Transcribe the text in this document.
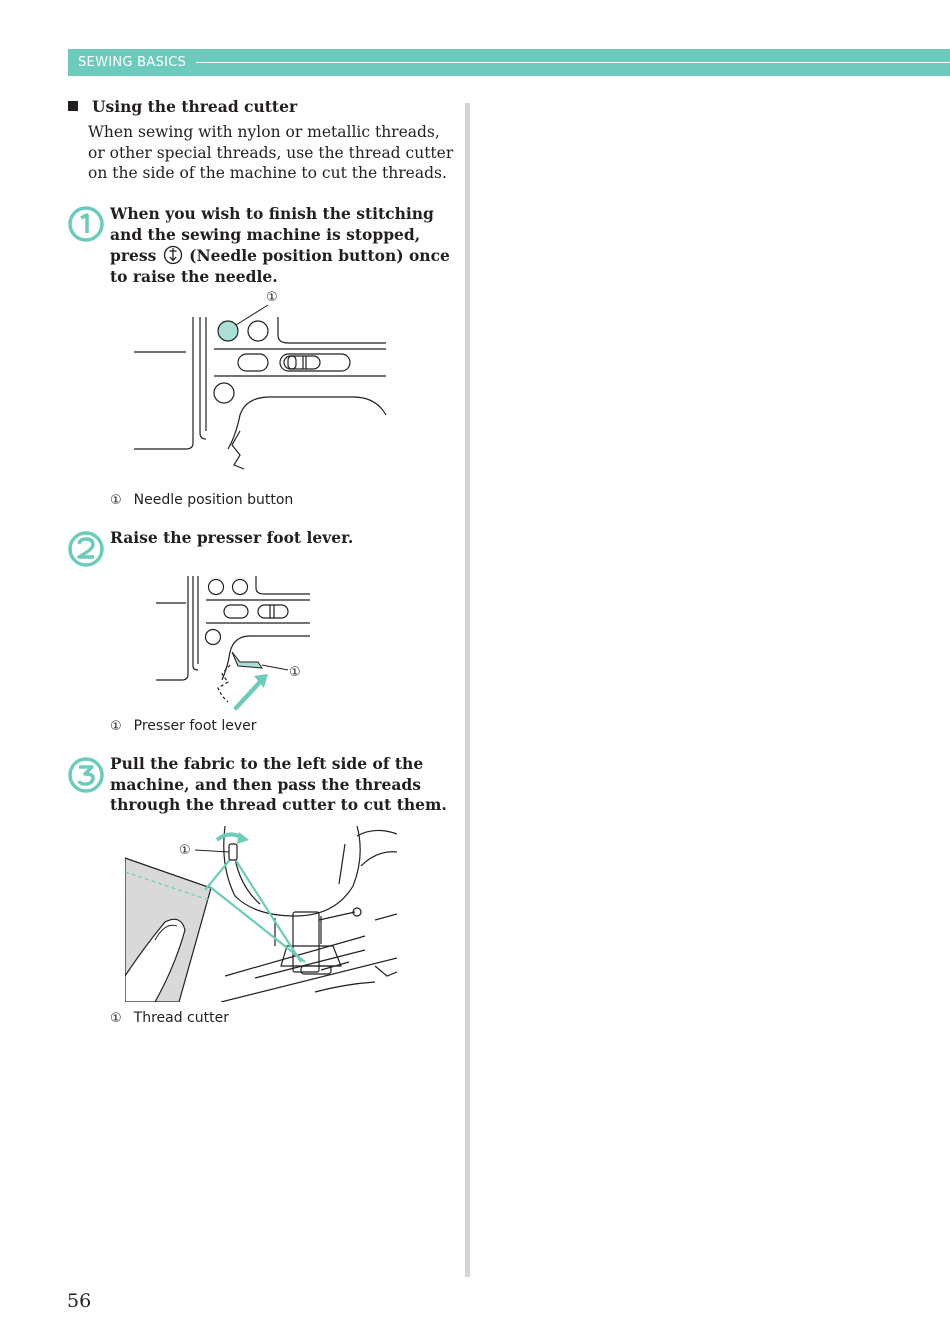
SEWING BASICS
Using the thread cutter
When sewing with nylon or metallic threads, or other special threads, use the thread cutter on the side of the machine to cut the threads.
When you wish to finish the stitching and the sewing machine is stopped, press (Needle position button) once to raise the needle.
①
① Needle position button
Raise the presser foot lever.
①
① Presser foot lever
Pull the fabric to the left side of the machine, and then pass the threads through the thread cutter to cut them.
①
① Thread cutter
56
